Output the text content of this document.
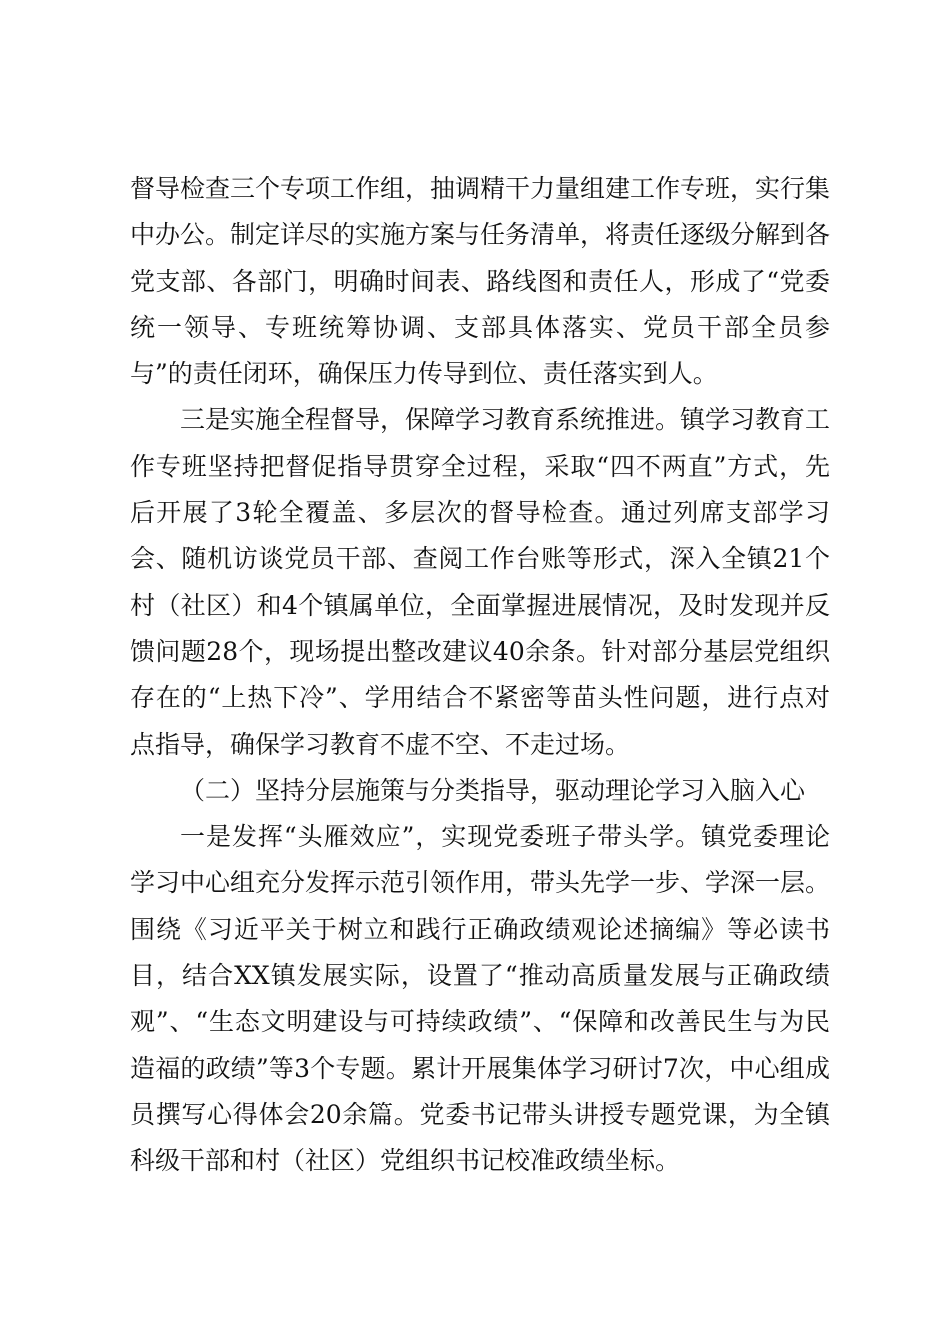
督导检查三个专项工作组，抽调精干力量组建工作专班，实行集中办公。制定详尽的实施方案与任务清单，将责任逐级分解到各党支部、各部门，明确时间表、路线图和责任人，形成了“党委统一领导、专班统筹协调、支部具体落实、党员干部全员参与”的责任闭环，确保压力传导到位、责任落实到人。

三是实施全程督导，保障学习教育系统推进。镇学习教育工作专班坚持把督促指导贯穿全过程，采取“四不两直”方式，先后开展了3轮全覆盖、多层次的督导检查。通过列席支部学习会、随机访谈党员干部、查阅工作台账等形式，深入全镇21个村（社区）和4个镇属单位，全面掌握进展情况，及时发现并反馈问题28个，现场提出整改建议40余条。针对部分基层党组织存在的“上热下冷”、学用结合不紧密等苗头性问题，进行点对点指导，确保学习教育不虚不空、不走过场。

（二）坚持分层施策与分类指导，驱动理论学习入脑入心

一是发挥“头雁效应”，实现党委班子带头学。镇党委理论学习中心组充分发挥示范引领作用，带头先学一步、学深一层。围绕《习近平关于树立和践行正确政绩观论述摘编》等必读书目，结合XX镇发展实际，设置了“推动高质量发展与正确政绩观”、“生态文明建设与可持续政绩”、“保障和改善民生与为民造福的政绩”等3个专题。累计开展集体学习研讨7次，中心组成员撰写心得体会20余篇。党委书记带头讲授专题党课，为全镇科级干部和村（社区）党组织书记校准政绩坐标。
